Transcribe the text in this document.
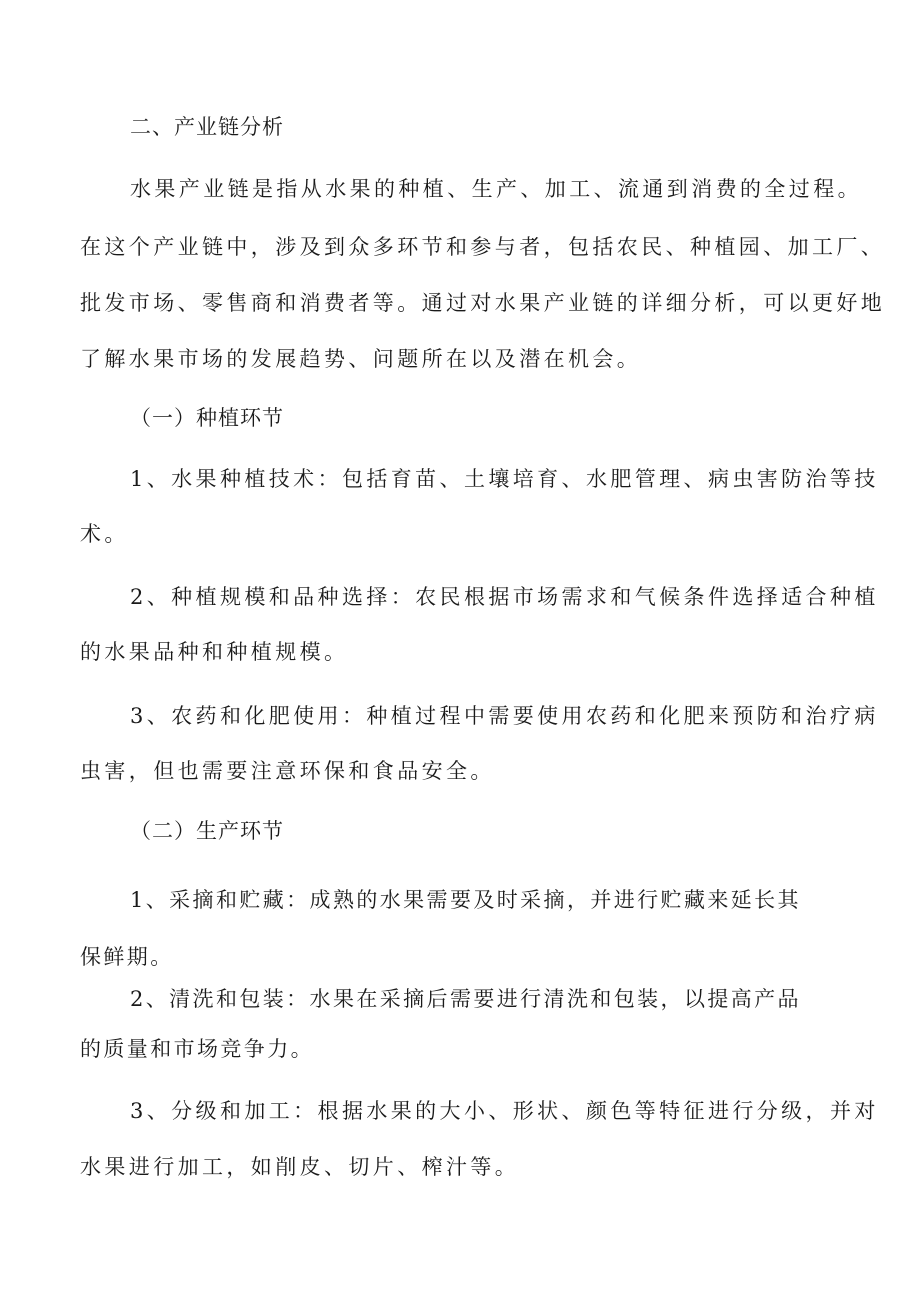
二、产业链分析
水果产业链是指从水果的种植、生产、加工、流通到消费的全过程。
在这个产业链中，涉及到众多环节和参与者，包括农民、种植园、加工厂、
批发市场、零售商和消费者等。通过对水果产业链的详细分析，可以更好地
了解水果市场的发展趋势、问题所在以及潜在机会。
（一）种植环节
1、水果种植技术：包括育苗、土壤培育、水肥管理、病虫害防治等技
术。
2、种植规模和品种选择：农民根据市场需求和气候条件选择适合种植
的水果品种和种植规模。
3、农药和化肥使用：种植过程中需要使用农药和化肥来预防和治疗病
虫害，但也需要注意环保和食品安全。
（二）生产环节
1、采摘和贮藏：成熟的水果需要及时采摘，并进行贮藏来延长其
保鲜期。
2、清洗和包装：水果在采摘后需要进行清洗和包装，以提高产品
的质量和市场竞争力。
3、分级和加工：根据水果的大小、形状、颜色等特征进行分级，并对
水果进行加工，如削皮、切片、榨汁等。
